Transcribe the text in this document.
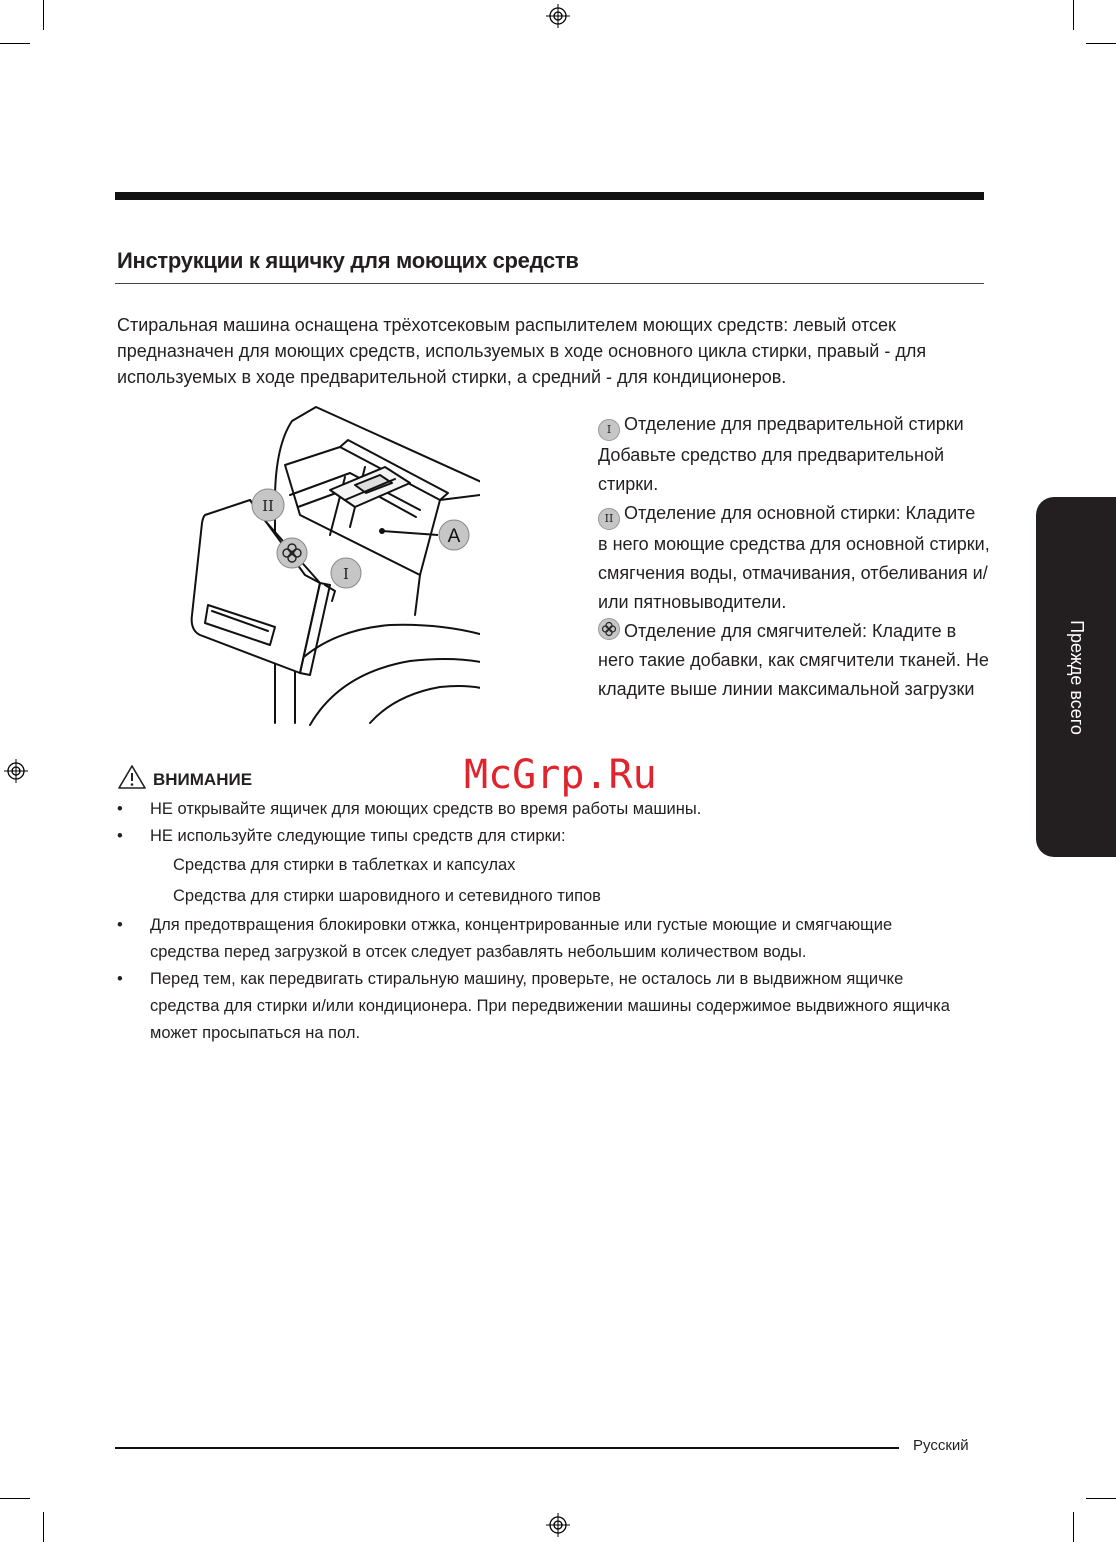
Инструкции к ящичку для моющих средств
Стиральная машина оснащена трёхотсековым распылителем моющих средств: левый отсек
предназначен для моющих средств, используемых в ходе основного цикла стирки, правый - для
используемых в ходе предварительной стирки, а средний - для кондиционеров.
II
I
A
I Отделение для предварительной стирки
Добавьте средство для предварительной
стирки.
II Отделение для основной стирки: Кладите
в него моющие средства для основной стирки,
смягчения воды, отмачивания, отбеливания и/
или пятновыводители.
Отделение для смягчителей: Кладите в
него такие добавки, как смягчители тканей. Не
кладите выше линии максимальной загрузки	Прежде всего
ВНИМАНИЕ	McGrp.Ru
• НЕ открывайте ящичек для моющих средств во время работы машины.
• НЕ используйте следующие типы средств для стирки:
Средства для стирки в таблетках и капсулах
Средства для стирки шаровидного и сетевидного типов
• Для предотвращения блокировки отжка, концентрированные или густые моющие и смягчающие
средства перед загрузкой в отсек следует разбавлять небольшим количеством воды.
• Перед тем, как передвигать стиральную машину, проверьте, не осталось ли в выдвижном ящичке
средства для стирки и/или кондиционера. При передвижении машины содержимое выдвижного ящичка
может просыпаться на пол.
Русский
